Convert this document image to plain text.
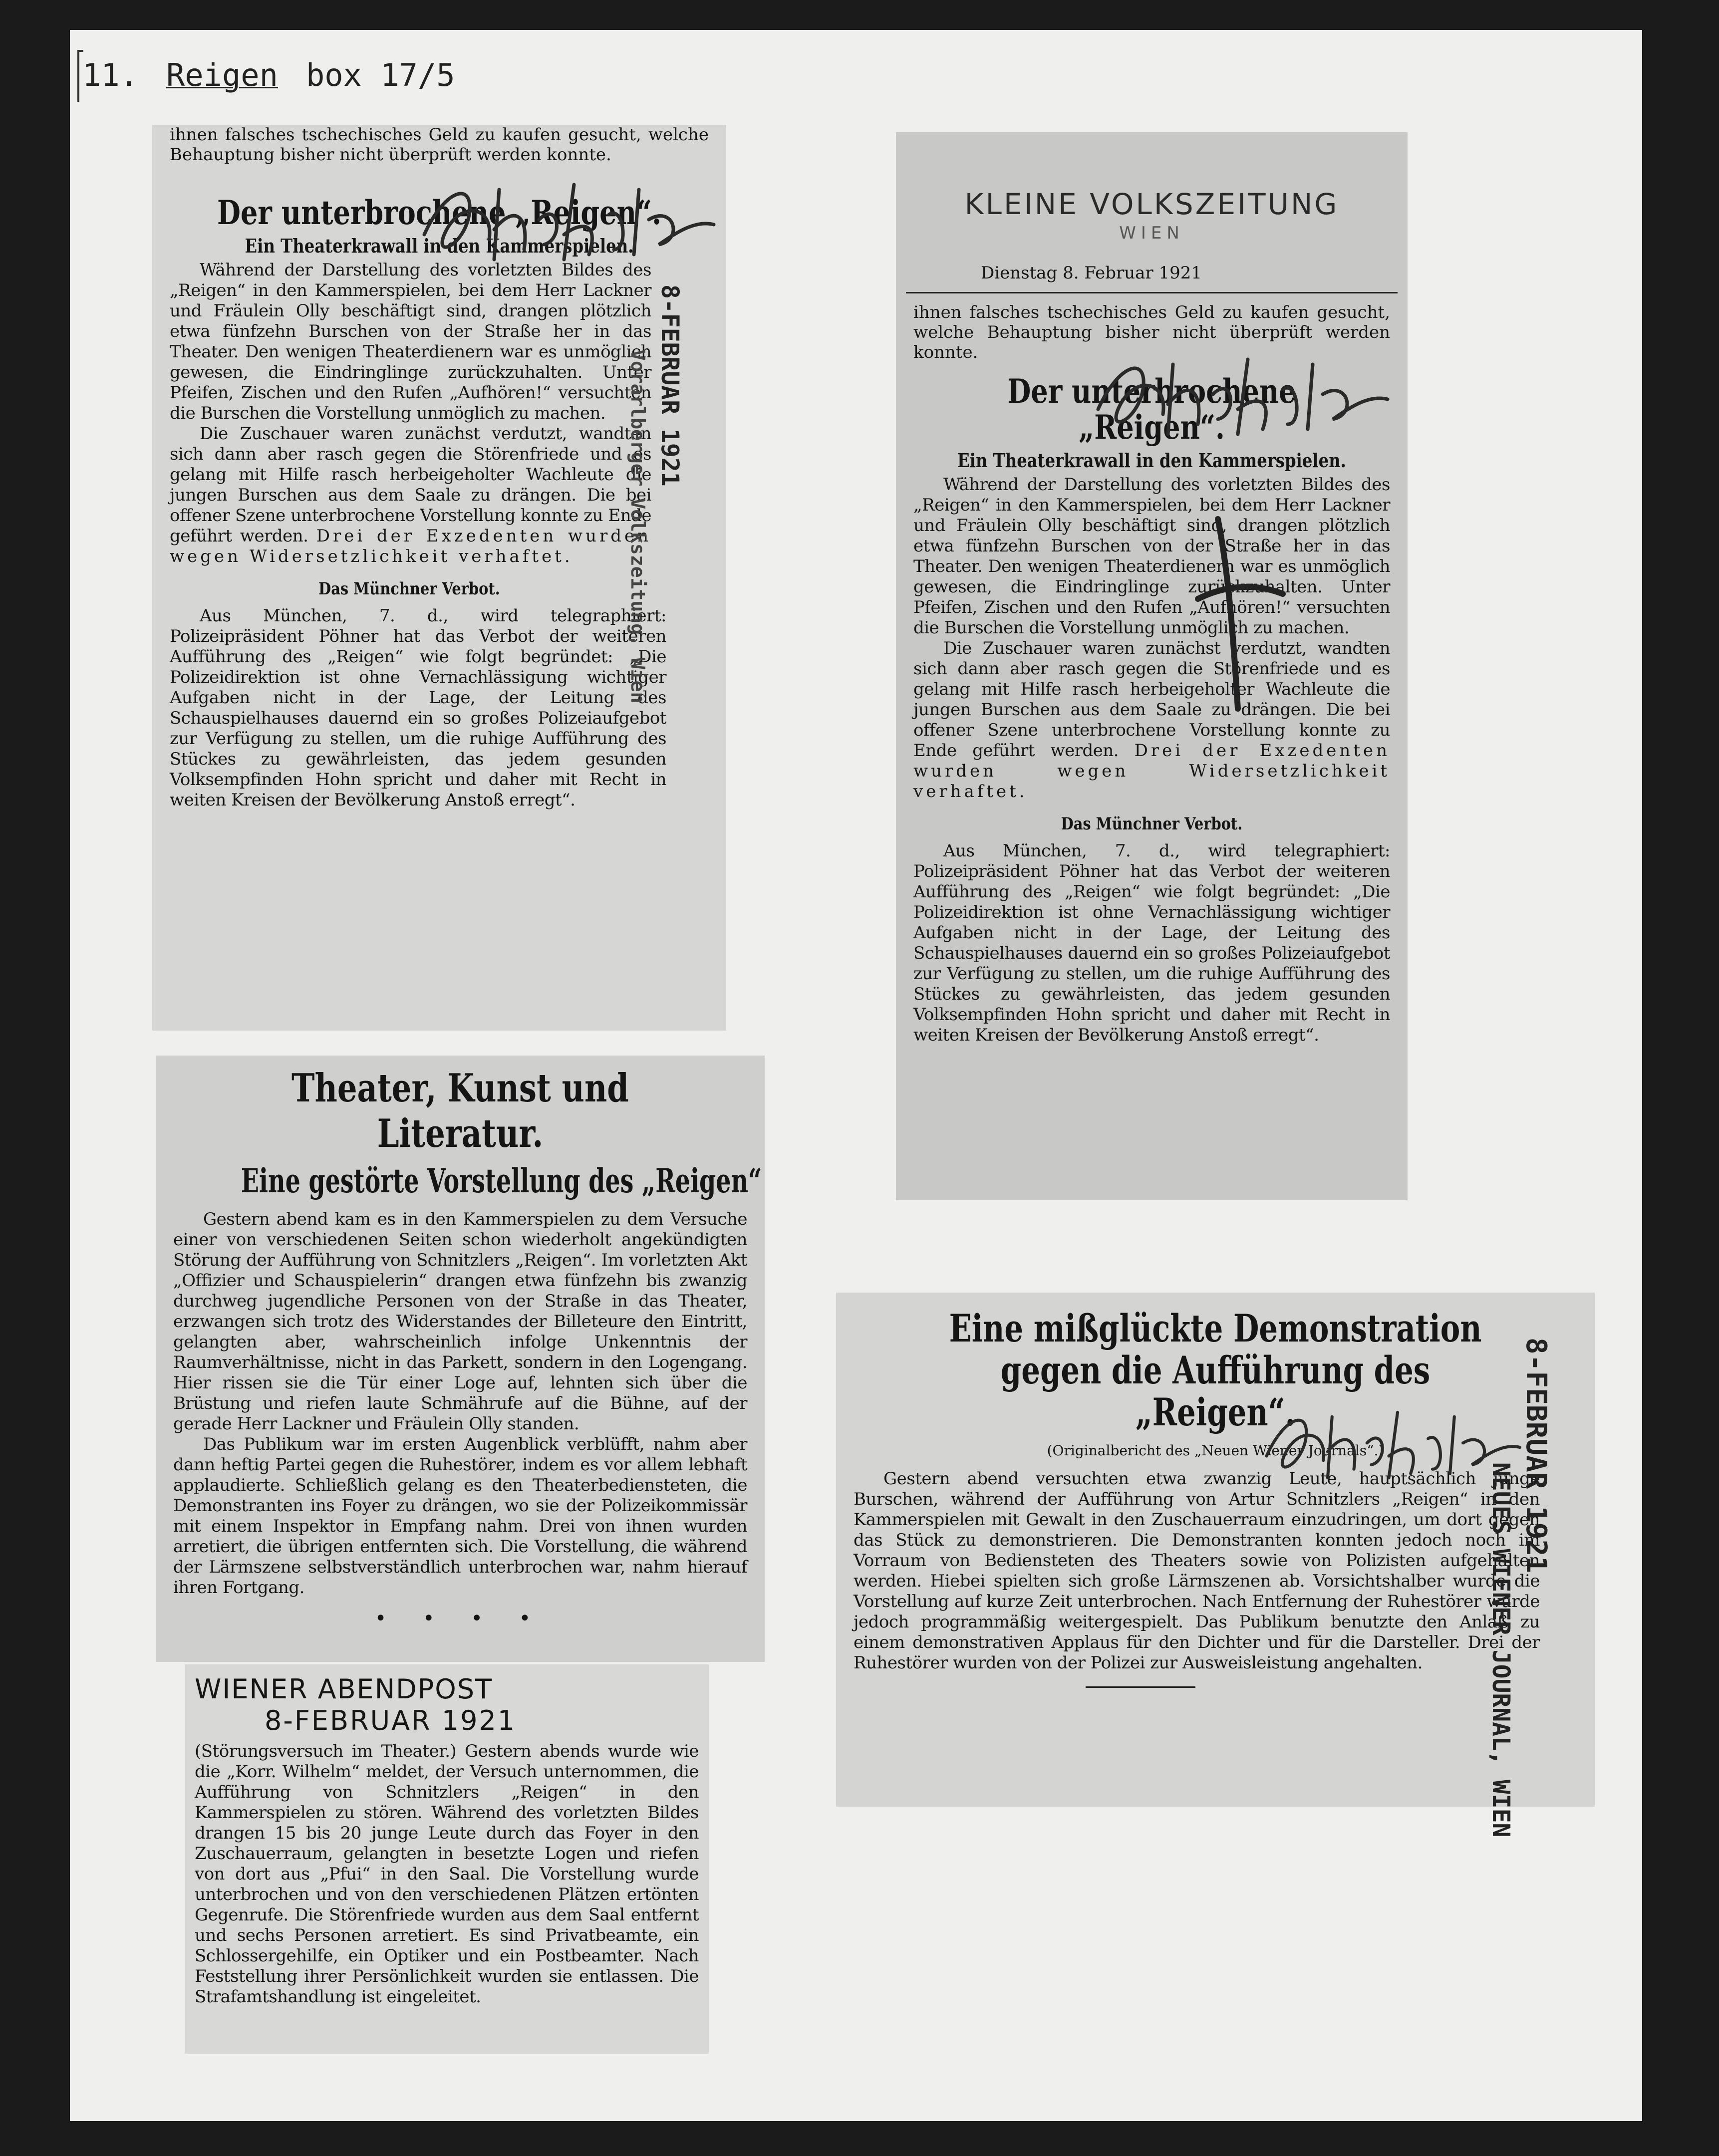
11. Reigen box 17/5
ihnen falsches tschechisches Geld zu kaufen gesucht, welche Behauptung bisher nicht überprüft werden konnte.
Der unterbrochene „Reigen“.
Ein Theaterkrawall in den Kammerspielen.

Während der Darstellung des vorletzten Bildes des „Reigen“ in den Kammerspielen, bei dem Herr Lackner und Fräulein Olly beschäftigt sind, drangen plötzlich etwa fünfzehn Burschen von der Straße her in das Theater. Den wenigen Theaterdienern war es unmöglich gewesen, die Eindringlinge zurückzuhalten. Unter Pfeifen, Zischen und den Rufen „Aufhören!“ versuchten die Burschen die Vorstellung unmöglich zu machen.

Die Zuschauer waren zunächst verdutzt, wandten sich dann aber rasch gegen die Störenfriede und es gelang mit Hilfe rasch herbeigeholter Wachleute die jungen Burschen aus dem Saale zu drängen. Die bei offener Szene unterbrochene Vorstellung konnte zu Ende geführt werden. Drei der Exzedenten wurden wegen Widersetzlichkeit verhaftet.

Das Münchner Verbot.

Aus München, 7. d., wird telegraphiert: Polizeipräsident Pöhner hat das Verbot der weiteren Aufführung des „Reigen“ wie folgt begründet: „Die Polizeidirektion ist ohne Vernachlässigung wichtiger Aufgaben nicht in der Lage, der Leitung des Schauspielhauses dauernd ein so großes Polizeiaufgebot zur Verfügung zu stellen, um die ruhige Aufführung des Stückes zu gewährleisten, das jedem gesunden Volksempfinden Hohn spricht und daher mit Recht in weiten Kreisen der Bevölkerung Anstoß erregt“.

8-FEBRUAR 1921
Vorarlberger Volkszeitung, Wien
KLEINE VOLKSZEITUNG
WIEN
Dienstag 8. Februar 1921
ihnen falsches tschechisches Geld zu kaufen gesucht, welche Behauptung bisher nicht überprüft werden konnte.
Der unterbrochene „Reigen“.
Ein Theaterkrawall in den Kammerspielen.

Während der Darstellung des vorletzten Bildes des „Reigen“ in den Kammerspielen, bei dem Herr Lackner und Fräulein Olly beschäftigt sind, drangen plötzlich etwa fünfzehn Burschen von der Straße her in das Theater. Den wenigen Theaterdienern war es unmöglich gewesen, die Eindringlinge zurückzuhalten. Unter Pfeifen, Zischen und den Rufen „Aufhören!“ versuchten die Burschen die Vorstellung unmöglich zu machen.

Die Zuschauer waren zunächst verdutzt, wandten sich dann aber rasch gegen die Störenfriede und es gelang mit Hilfe rasch herbeigeholter Wachleute die jungen Burschen aus dem Saale zu drängen. Die bei offener Szene unterbrochene Vorstellung konnte zu Ende geführt werden. Drei der Exzedenten wurden wegen Widersetzlichkeit verhaftet.

Das Münchner Verbot.

Aus München, 7. d., wird telegraphiert: Polizeipräsident Pöhner hat das Verbot der weiteren Aufführung des „Reigen“ wie folgt begründet: „Die Polizeidirektion ist ohne Vernachlässigung wichtiger Aufgaben nicht in der Lage, der Leitung des Schauspielhauses dauernd ein so großes Polizeiaufgebot zur Verfügung zu stellen, um die ruhige Aufführung des Stückes zu gewährleisten, das jedem gesunden Volksempfinden Hohn spricht und daher mit Recht in weiten Kreisen der Bevölkerung Anstoß erregt“.

Theater, Kunst und Literatur.
Eine gestörte Vorstellung des „Reigen“

Gestern abend kam es in den Kammerspielen zu dem Versuche einer von verschiedenen Seiten schon wiederholt angekündigten Störung der Aufführung von Schnitzlers „Reigen“. Im vorletzten Akt „Offizier und Schauspielerin“ drangen etwa fünfzehn bis zwanzig durchweg jugendliche Personen von der Straße in das Theater, erzwangen sich trotz des Widerstandes der Billeteure den Eintritt, gelangten aber, wahrscheinlich infolge Unkenntnis der Raumverhältnisse, nicht in das Parkett, sondern in den Logengang. Hier rissen sie die Tür einer Loge auf, lehnten sich über die Brüstung und riefen laute Schmährufe auf die Bühne, auf der gerade Herr Lackner und Fräulein Olly standen.

Das Publikum war im ersten Augenblick verblüfft, nahm aber dann heftig Partei gegen die Ruhestörer, indem es vor allem lebhaft applaudierte. Schließlich gelang es den Theaterbediensteten, die Demonstranten ins Foyer zu drängen, wo sie der Polizeikommissär mit einem Inspektor in Empfang nahm. Drei von ihnen wurden arretiert, die übrigen entfernten sich. Die Vorstellung, die während der Lärmszene selbstverständlich unterbrochen war, nahm hierauf ihren Fortgang.

• • • •
Eine mißglückte Demonstration gegen die Aufführung des „Reigen“.
(Originalbericht des „Neuen Wiener Journals“.)

Gestern abend versuchten etwa zwanzig Leute, hauptsächlich junge Burschen, während der Aufführung von Artur Schnitzlers „Reigen“ in den Kammerspielen mit Gewalt in den Zuschauerraum einzudringen, um dort gegen das Stück zu demonstrieren. Die Demonstranten konnten jedoch noch im Vorraum von Bediensteten des Theaters sowie von Polizisten aufgehalten werden. Hiebei spielten sich große Lärmszenen ab. Vorsichtshalber wurde die Vorstellung auf kurze Zeit unterbrochen. Nach Entfernung der Ruhestörer wurde jedoch programmäßig weitergespielt. Das Publikum benutzte den Anlaß zu einem demonstrativen Applaus für den Dichter und für die Darsteller. Drei der Ruhestörer wurden von der Polizei zur Ausweisleistung angehalten.

8-FEBRUAR 1921
NEUES WIENER JOURNAL, WIEN
WIENER ABENDPOST
8-FEBRUAR 1921

(Störungsversuch im Theater.) Gestern abends wurde wie die „Korr. Wilhelm“ meldet, der Versuch unternommen, die Aufführung von Schnitzlers „Reigen“ in den Kammerspielen zu stören. Während des vorletzten Bildes drangen 15 bis 20 junge Leute durch das Foyer in den Zuschauerraum, gelangten in besetzte Logen und riefen von dort aus „Pfui“ in den Saal. Die Vorstellung wurde unterbrochen und von den verschiedenen Plätzen ertönten Gegenrufe. Die Störenfriede wurden aus dem Saal entfernt und sechs Personen arretiert. Es sind Privatbeamte, ein Schlossergehilfe, ein Optiker und ein Postbeamter. Nach Feststellung ihrer Persönlichkeit wurden sie entlassen. Die Strafamtshandlung ist eingeleitet.
